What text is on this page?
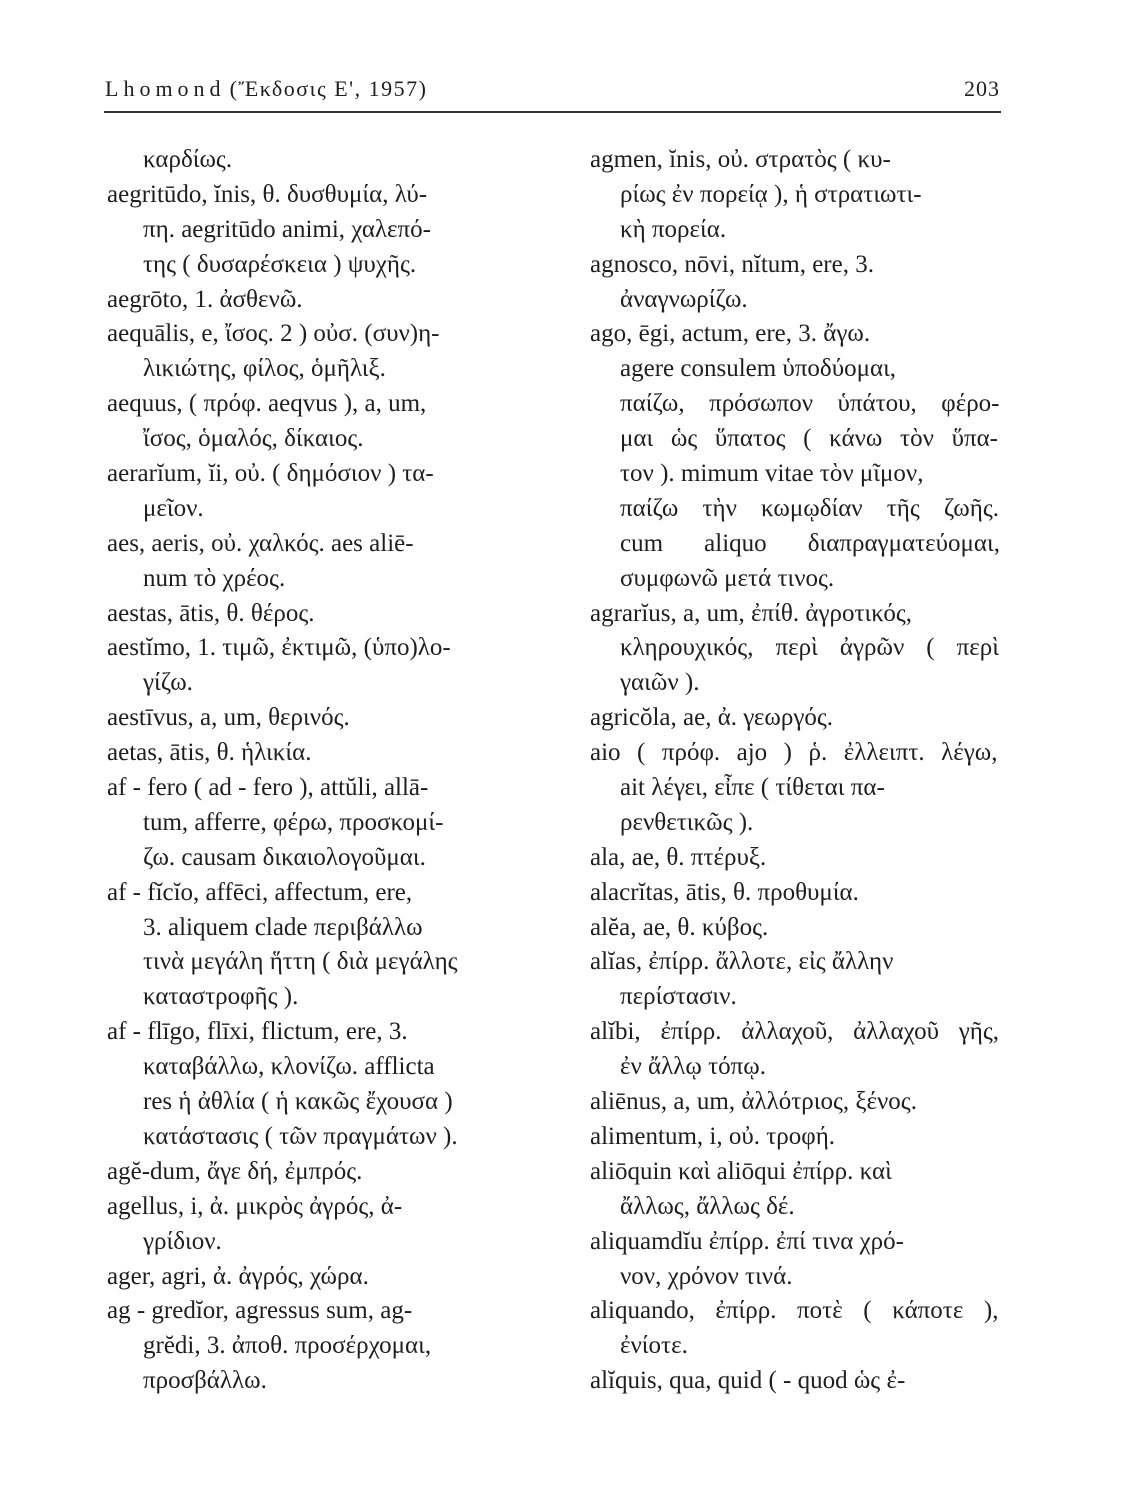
Lhomond (Ἔκδοσις Ε', 1957)	203
καρδίως.
aegritūdo, ĭnis, θ. δυσθυμία, λύ-
πη. aegritūdo animi, χαλεπό-
της ( δυσαρέσκεια ) ψυχῆς.
aegrōto, 1. ἀσθενῶ.
aequālis, e, ἴσος. 2 ) οὐσ. (συν)η-
λικιώτης, φίλος, ὁμῆλιξ.
aequus, ( πρόφ. aeqvus ), a, um,
ἴσος, ὁμαλός, δίκαιος.
aerarĭum, ĭi, οὐ. ( δημόσιον ) τα-
μεῖον.
aes, aeris, οὐ. χαλκός. aes aliē-
num τὸ χρέος.
aestas, ātis, θ. θέρος.
aestĭmo, 1. τιμῶ, ἐκτιμῶ, (ὑπο)λο-
γίζω.
aestīvus, a, um, θερινός.
aetas, ātis, θ. ἡλικία.
af - fero ( ad - fero ), attŭli, allā-
tum, afferre, φέρω, προσκομί-
ζω. causam δικαιολογοῦμαι.
af - fĭcĭo, affēci, affectum, ere,
3. aliquem clade περιβάλλω
τινὰ μεγάλη ἥττη ( διὰ μεγάλης
καταστροφῆς ).
af - flīgo, flīxi, flictum, ere, 3.
καταβάλλω, κλονίζω. afflicta
res ἡ ἀθλία ( ἡ κακῶς ἔχουσα )
κατάστασις ( τῶν πραγμάτων ).
agĕ-dum, ἄγε δή, ἐμπρός.
agellus, i, ἀ. μικρὸς ἀγρός, ἀ-
γρίδιον.
ager, agri, ἀ. ἀγρός, χώρα.
ag - gredĭor, agressus sum, ag-
grĕdi, 3. ἀποθ. προσέρχομαι,
προσβάλλω.
agmen, ĭnis, οὐ. στρατὸς ( κυ-
ρίως ἐν πορείᾳ ), ἡ στρατιωτι-
κὴ πορεία.
agnosco, nōvi, nĭtum, ere, 3.
ἀναγνωρίζω.
ago, ēgi, actum, ere, 3. ἄγω.
agere consulem ὑποδύομαι,
παίζω, πρόσωπον ὑπάτου, φέρο-
μαι ὡς ὕπατος ( κάνω τὸν ὕπα-
τον ). mimum vitae τὸν μῖμον,
παίζω τὴν κωμῳδίαν τῆς ζωῆς.
cum aliquo διαπραγματεύομαι,
συμφωνῶ μετά τινος.
agrarĭus, a, um, ἐπίθ. ἀγροτικός,
κληρουχικός, περὶ ἀγρῶν ( περὶ
γαιῶν ).
agricŏla, ae, ἀ. γεωργός.
aio ( πρόφ. ajo ) ῥ. ἐλλειπτ. λέγω,
ait λέγει, εἶπε ( τίθεται πα-
ρενθετικῶς ).
ala, ae, θ. πτέρυξ.
alacrĭtas, ātis, θ. προθυμία.
alĕa, ae, θ. κύβος.
alĭas, ἐπίρρ. ἄλλοτε, εἰς ἄλλην
περίστασιν.
alĭbi, ἐπίρρ. ἀλλαχοῦ, ἀλλαχοῦ γῆς,
ἐν ἄλλῳ τόπῳ.
aliēnus, a, um, ἀλλότριος, ξένος.
alimentum, i, οὐ. τροφή.
aliōquin καὶ aliōqui ἐπίρρ. καὶ
ἄλλως, ἄλλως δέ.
aliquamdĭu ἐπίρρ. ἐπί τινα χρό-
νον, χρόνον τινά.
aliquando, ἐπίρρ. ποτὲ ( κάποτε ),
ἐνίοτε.
alĭquis, qua, quid ( - quod ὡς ἐ-
